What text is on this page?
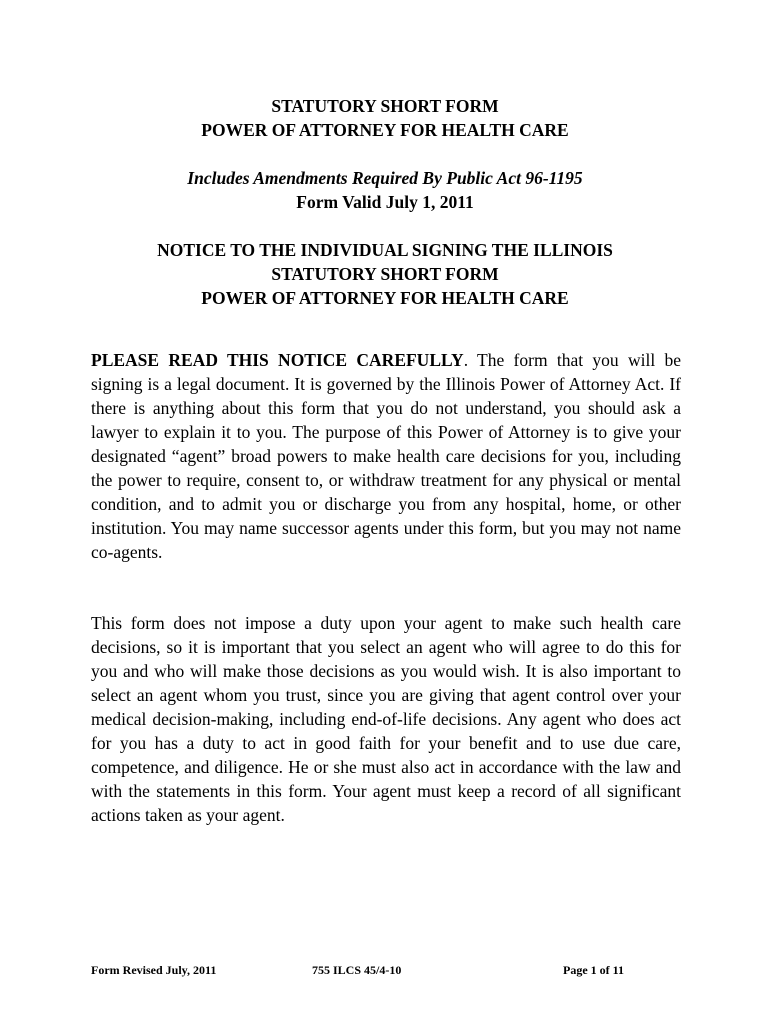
STATUTORY SHORT FORM
POWER OF ATTORNEY FOR HEALTH CARE
Includes Amendments Required By Public Act 96-1195
Form Valid July 1, 2011
NOTICE TO THE INDIVIDUAL SIGNING THE ILLINOIS
STATUTORY SHORT FORM
POWER OF ATTORNEY FOR HEALTH CARE
PLEASE READ THIS NOTICE CAREFULLY. The form that you will be signing is a legal document. It is governed by the Illinois Power of Attorney Act. If there is anything about this form that you do not understand, you should ask a lawyer to explain it to you. The purpose of this Power of Attorney is to give your designated “agent” broad powers to make health care decisions for you, including the power to require, consent to, or withdraw treatment for any physical or mental condition, and to admit you or discharge you from any hospital, home, or other institution. You may name successor agents under this form, but you may not name co-agents.
This form does not impose a duty upon your agent to make such health care decisions, so it is important that you select an agent who will agree to do this for you and who will make those decisions as you would wish. It is also important to select an agent whom you trust, since you are giving that agent control over your medical decision-making, including end-of-life decisions. Any agent who does act for you has a duty to act in good faith for your benefit and to use due care, competence, and diligence. He or she must also act in accordance with the law and with the statements in this form. Your agent must keep a record of all significant actions taken as your agent.
Form Revised July, 2011	755 ILCS 45/4-10	Page 1 of 11
